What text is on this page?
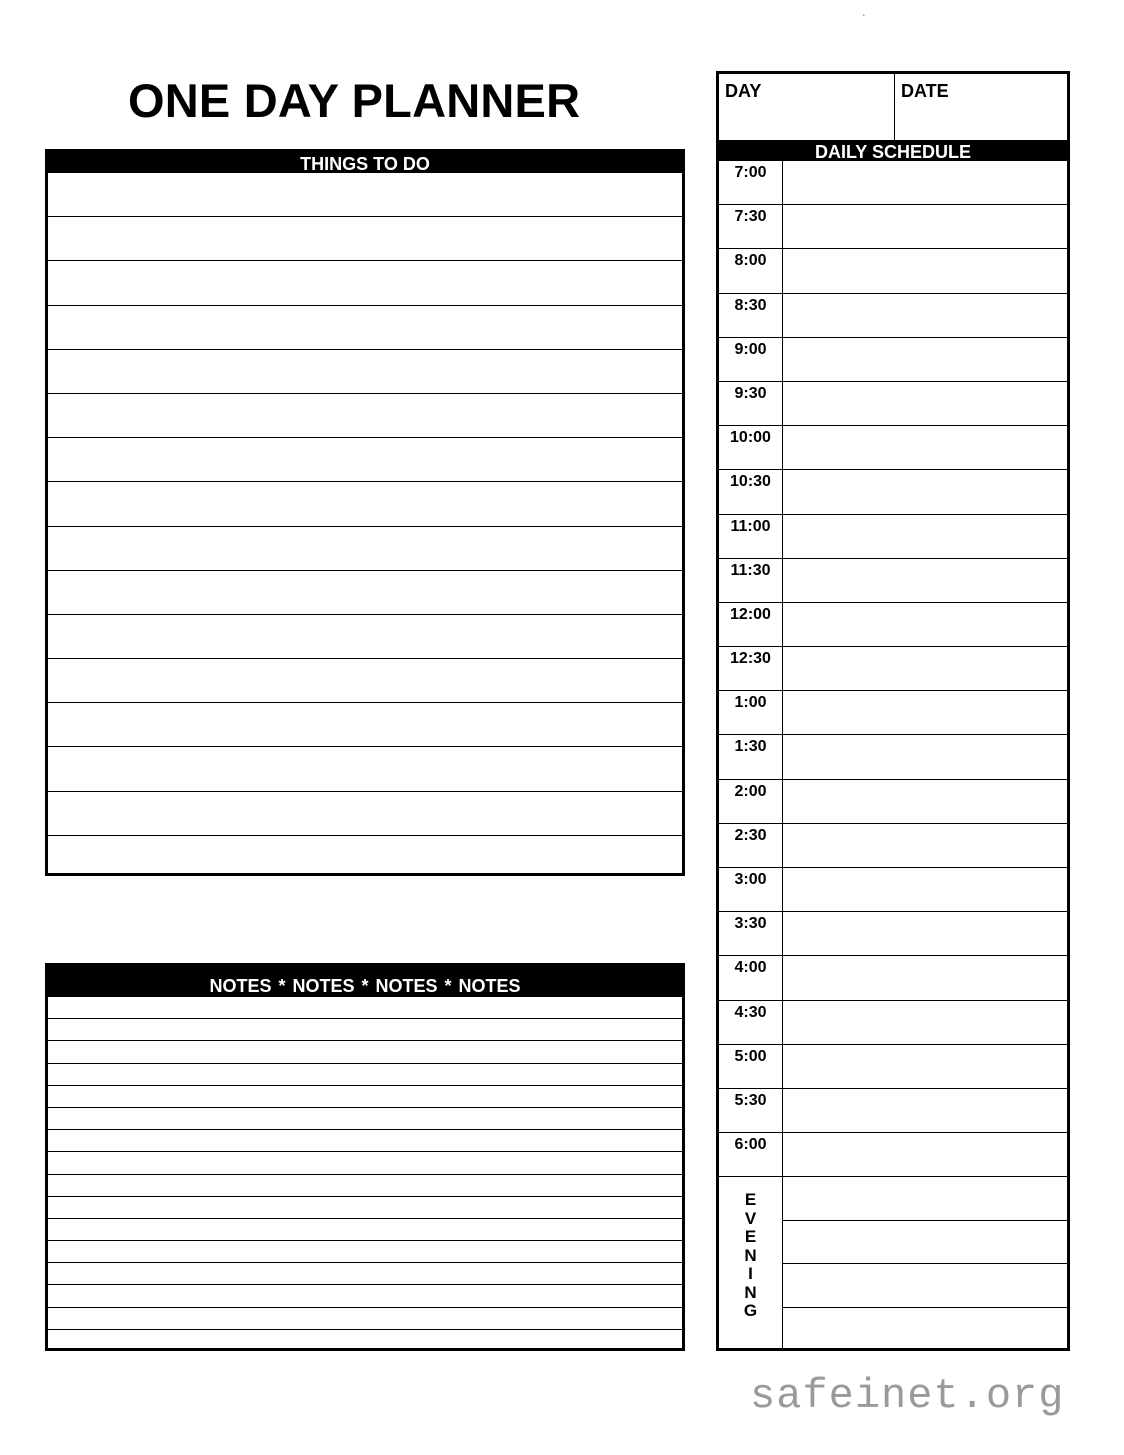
`
ONE DAY PLANNER
THINGS TO DO
NOTES * NOTES * NOTES * NOTES
DAY	DATE
DAILY SCHEDULE
7:00
7:30
8:00
8:30
9:00
9:30
10:00
10:30
11:00
11:30
12:00
12:30
1:00
1:30
2:00
2:30
3:00
3:30
4:00
4:30
5:00
5:30
6:00
E
V
E
N
I
N
G
safeinet.org
